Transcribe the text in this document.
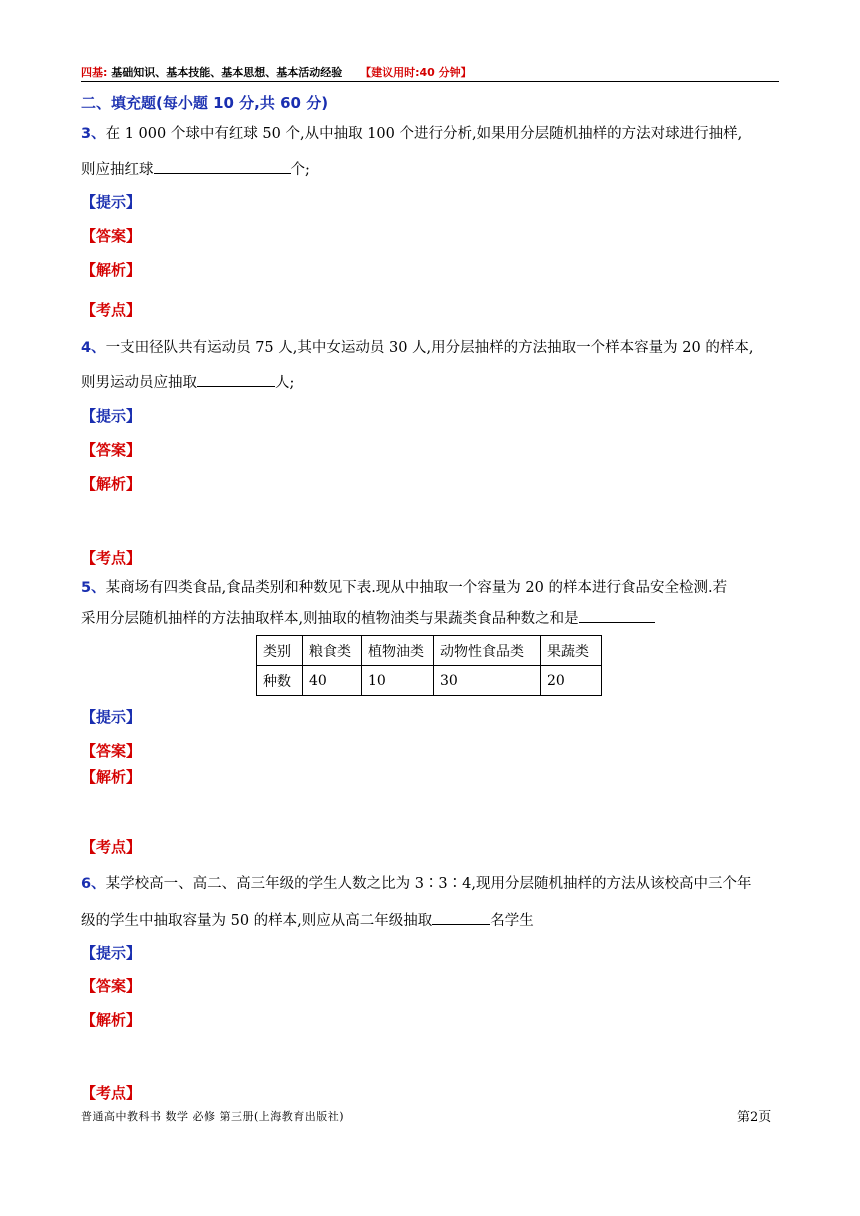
四基: 基础知识、基本技能、基本思想、基本活动经验 【建议用时:40 分钟】
二、填充题(每小题 10 分,共 60 分)
3、在 1 000 个球中有红球 50 个,从中抽取 100 个进行分析,如果用分层随机抽样的方法对球进行抽样,
则应抽红球	个;
【提示】
【答案】
【解析】
【考点】
4、一支田径队共有运动员 75 人,其中女运动员 30 人,用分层抽样的方法抽取一个样本容量为 20 的样本,
则男运动员应抽取	人;
【提示】
【答案】
【解析】
【考点】
5、某商场有四类食品,食品类别和种数见下表.现从中抽取一个容量为 20 的样本进行食品安全检测.若
采用分层随机抽样的方法抽取样本,则抽取的植物油类与果蔬类食品种数之和是
类别	粮食类	植物油类	动物性食品类	果蔬类
种数	40	10	30	20
【提示】
【答案】
【解析】
【考点】
6、某学校高一、高二、高三年级的学生人数之比为 3∶3∶4,现用分层随机抽样的方法从该校高中三个年
级的学生中抽取容量为 50 的样本,则应从高二年级抽取	名学生
【提示】
【答案】
【解析】
【考点】
普通高中教科书 数学 必修 第三册(上海教育出版社)	第2页
